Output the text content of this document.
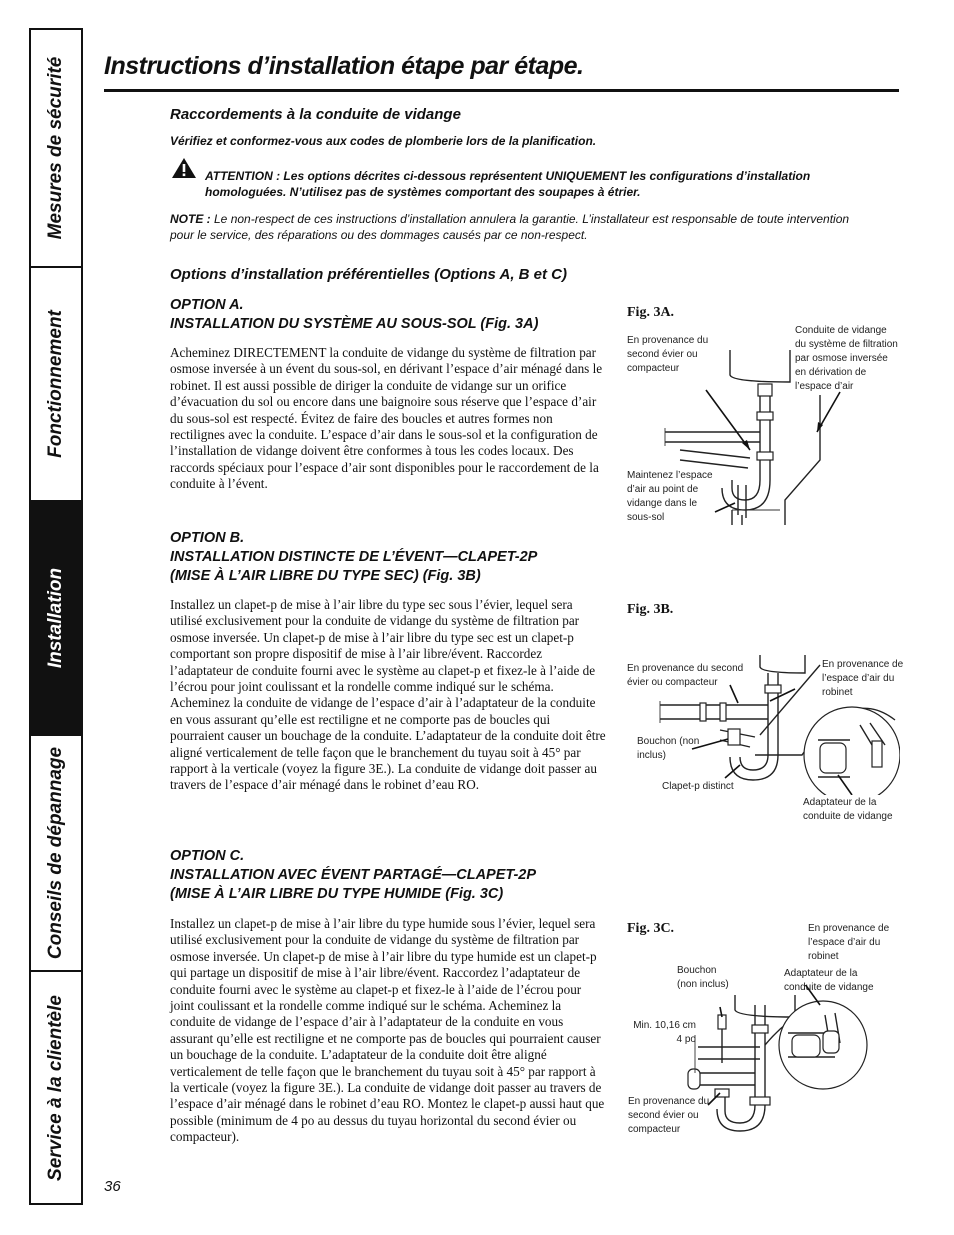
Mesures de sécurité
Fonctionnement
Installation
Conseils de dépannage
Service à la clientèle
Instructions d’installation étape par étape.
Raccordements à la conduite de vidange
Vérifiez et conformez-vous aux codes de plomberie lors de la planification.
ATTENTION : Les options décrites ci-dessous représentent UNIQUEMENT les configurations d’installation homologuées. N’utilisez pas de systèmes comportant des soupapes à étrier.
NOTE : Le non-respect de ces instructions d’installation annulera la garantie. L’installateur est responsable de toute intervention pour le service, des réparations ou des dommages causés par ce non-respect.
Options d’installation préférentielles (Options A, B et C)
OPTION A.
INSTALLATION DU SYSTÈME AU SOUS-SOL (Fig. 3A)
Acheminez DIRECTEMENT la conduite de vidange du système de filtration par osmose inversée à un évent du sous-sol, en dérivant l’espace d’air ménagé dans le robinet. Il est aussi possible de diriger la conduite de vidange sur un orifice d’évacuation du sol ou encore dans une baignoire sous réserve que l’espace d’air du sous-sol est respecté. Évitez de faire des boucles et autres formes non rectilignes avec la conduite. L’espace d’air dans le sous-sol et la configuration de l’installation de vidange doivent être conformes à tous les codes locaux. Des raccords spéciaux pour l’espace d’air sont disponibles pour le raccordement de la conduite à l’évent.
OPTION B.
INSTALLATION DISTINCTE DE L’ÉVENT—CLAPET-2P
(MISE À L’AIR LIBRE DU TYPE SEC) (Fig. 3B)
Installez un clapet-p de mise à l’air libre du type sec sous l’évier, lequel sera utilisé exclusivement pour la conduite de vidange du système de filtration par osmose inversée. Un clapet-p de mise à l’air libre du type sec est un clapet-p comportant son propre dispositif de mise à l’air libre/évent. Raccordez l’adaptateur de conduite fourni avec le système au clapet-p et fixez-le à l’aide de l’écrou pour joint coulissant et la rondelle comme indiqué sur le schéma. Acheminez la conduite de vidange de l’espace d’air à l’adaptateur de la conduite en vous assurant qu’elle est rectiligne et ne comporte pas de boucles qui pourraient causer un bouchage de la conduite. L’adaptateur de la conduite doit être aligné verticalement de telle façon que le branchement du tuyau soit à 45° par rapport à la verticale (voyez la figure 3E.). La conduite de vidange doit passer au travers de l’espace d’air ménagé dans le robinet d’eau RO.
OPTION C.
INSTALLATION AVEC ÉVENT PARTAGÉ—CLAPET-2P
(MISE À L’AIR LIBRE DU TYPE HUMIDE (Fig. 3C)
Installez un clapet-p de mise à l’air libre du type humide sous l’évier, lequel sera utilisé exclusivement pour la conduite de vidange du système de filtration par osmose inversée. Un clapet-p de mise à l’air libre du type humide est un clapet-p qui partage un dispositif de mise à l’air libre/évent. Raccordez l’adaptateur de conduite fourni avec le système au clapet-p et fixez-le à l’aide de l’écrou pour joint coulissant et la rondelle comme indiqué sur le schéma. Acheminez la conduite de vidange de l’espace d’air à l’adaptateur de la conduite en vous assurant qu’elle est rectiligne et ne comporte pas de boucles qui pourraient causer un bouchage de la conduite. L’adaptateur de la conduite doit être aligné verticalement de telle façon que le branchement du tuyau soit à 45° par rapport à la verticale (voyez la figure 3E.). La conduite de vidange doit passer au travers de l’espace d’air ménagé dans le robinet d’eau RO. Montez le clapet-p aussi haut que possible (minimum de 4 po au dessus du tuyau horizontal du second évier ou compacteur).
Fig. 3A.
En provenance du second évier ou compacteur
Conduite de vidange du système de filtration par osmose inversée en dérivation de l’espace d’air
Maintenez l’espace d’air au point de vidange dans le sous-sol
Fig. 3B.
En provenance du second évier ou compacteur
En provenance de l’espace d’air du robinet
Bouchon (non inclus)
Clapet-p distinct
Adaptateur de la conduite de vidange
Fig. 3C.	En provenance de l’espace d’air du robinet
Bouchon (non inclus)
Adaptateur de la conduite de vidange
Min. 10,16 cm 4 po
En provenance du second évier ou compacteur
36
